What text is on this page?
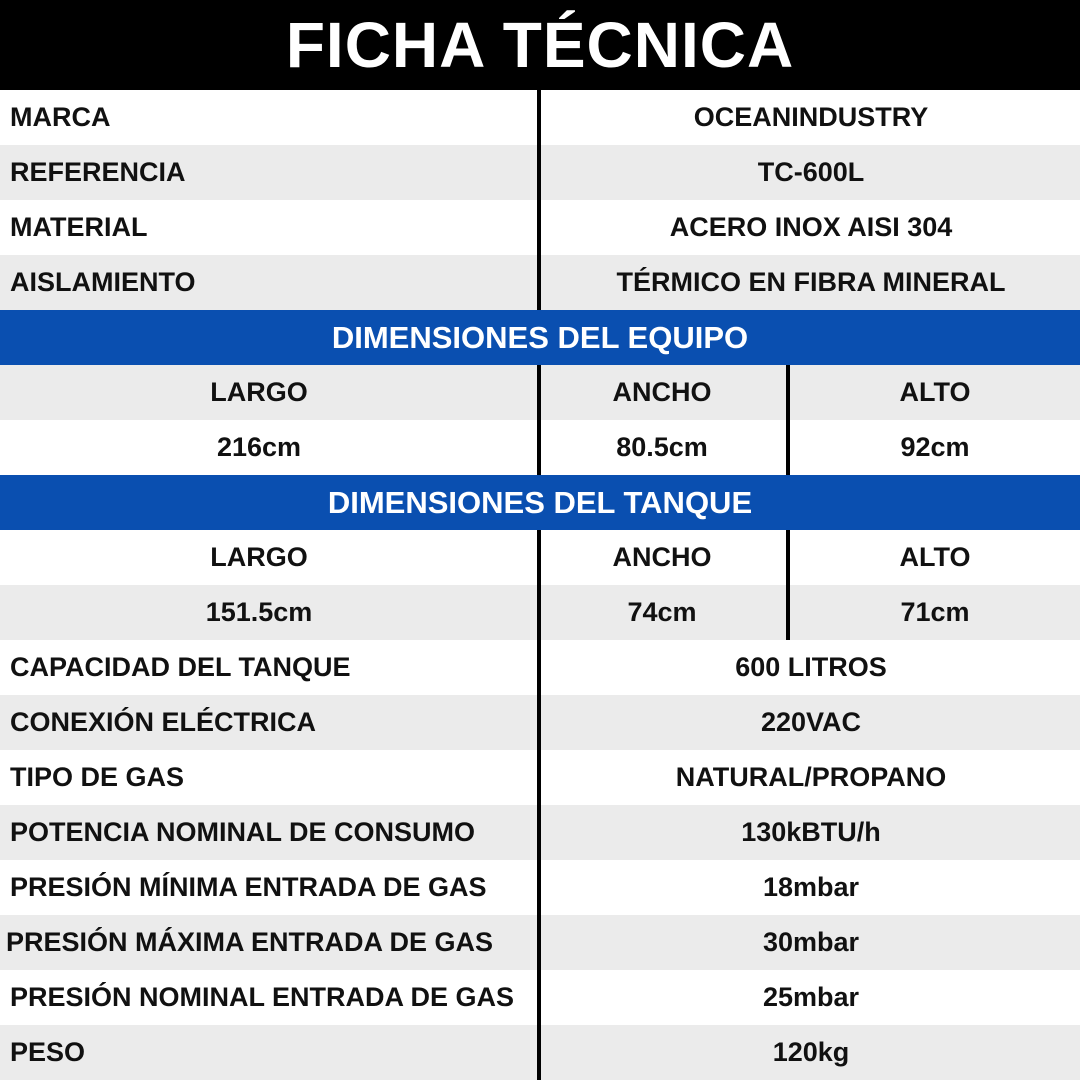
FICHA TÉCNICA
MARCA	OCEANINDUSTRY
REFERENCIA	TC-600L
MATERIAL	ACERO INOX AISI 304
AISLAMIENTO	TÉRMICO EN FIBRA MINERAL
DIMENSIONES DEL EQUIPO
LARGO	ANCHO	ALTO
216cm	80.5cm	92cm
DIMENSIONES DEL TANQUE
LARGO	ANCHO	ALTO
151.5cm	74cm	71cm
CAPACIDAD DEL TANQUE	600 LITROS
CONEXIÓN ELÉCTRICA	220VAC
TIPO DE GAS	NATURAL/PROPANO
POTENCIA NOMINAL DE CONSUMO	130kBTU/h
PRESIÓN MÍNIMA ENTRADA DE GAS	18mbar
PRESIÓN MÁXIMA ENTRADA DE GAS	30mbar
PRESIÓN NOMINAL ENTRADA DE GAS	25mbar
PESO	120kg
